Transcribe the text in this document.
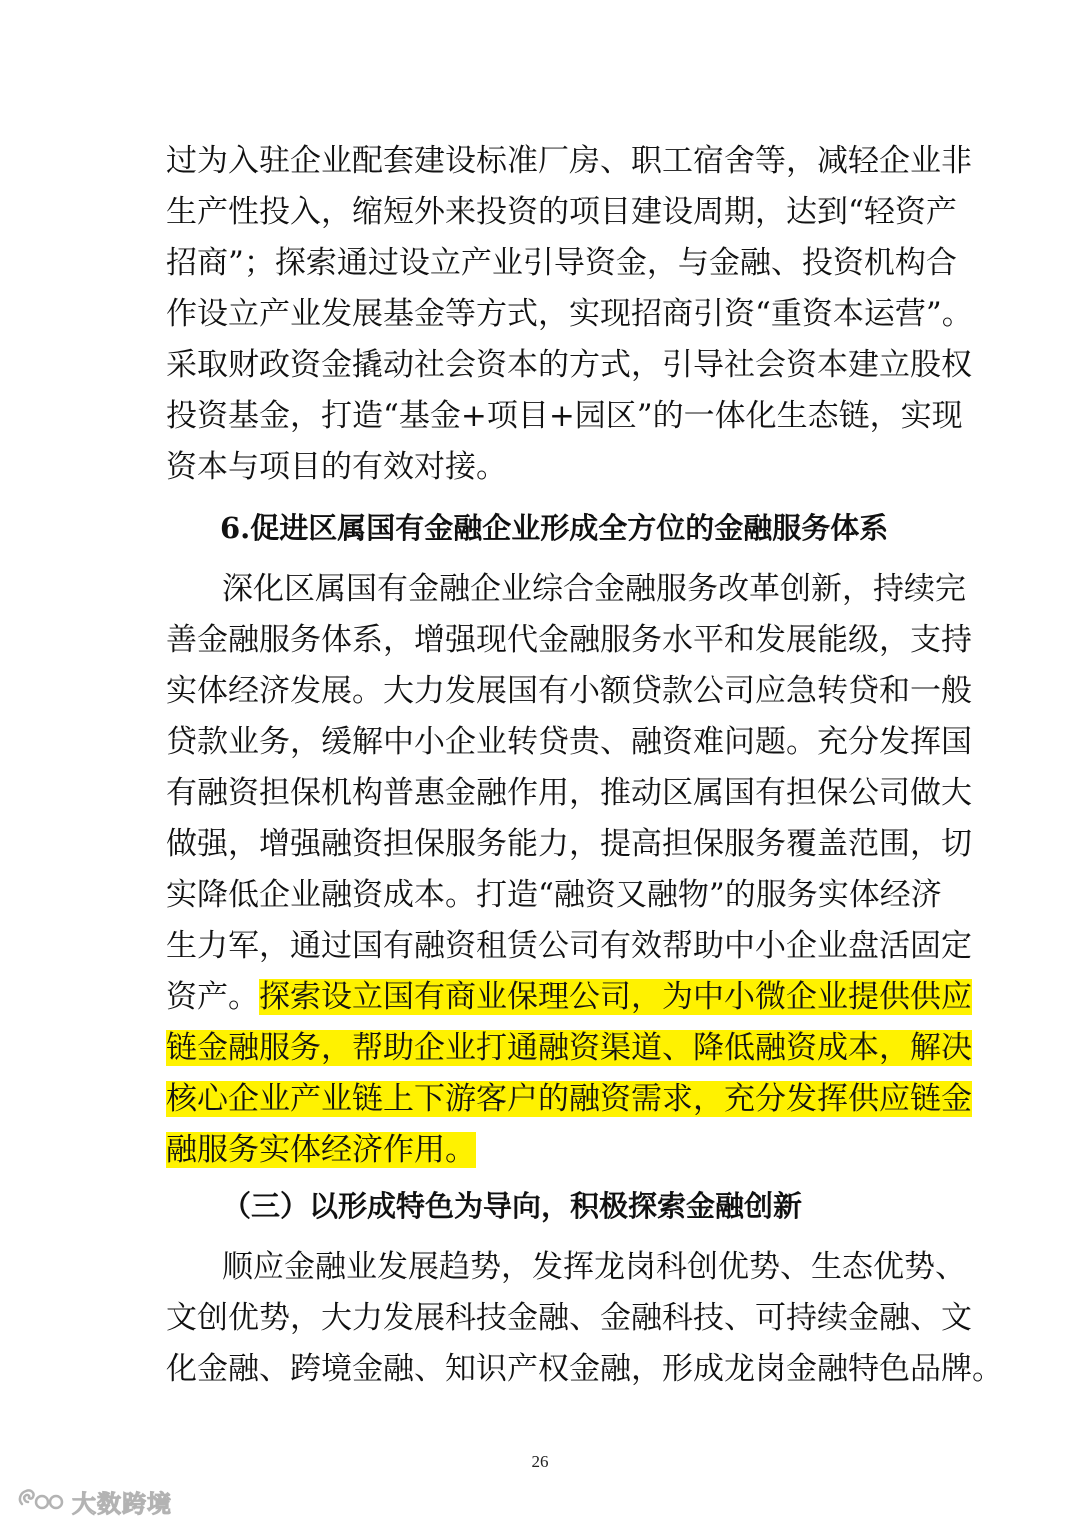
过为入驻企业配套建设标准厂房、职工宿舍等，减轻企业非
生产性投入，缩短外来投资的项目建设周期，达到“轻资产
招商”；探索通过设立产业引导资金，与金融、投资机构合
作设立产业发展基金等方式，实现招商引资“重资本运营”。
采取财政资金撬动社会资本的方式，引导社会资本建立股权
投资基金，打造“基金+项目+园区”的一体化生态链，实现
资本与项目的有效对接。
6.促进区属国有金融企业形成全方位的金融服务体系
深化区属国有金融企业综合金融服务改革创新，持续完
善金融服务体系，增强现代金融服务水平和发展能级，支持
实体经济发展。大力发展国有小额贷款公司应急转贷和一般
贷款业务，缓解中小企业转贷贵、融资难问题。充分发挥国
有融资担保机构普惠金融作用，推动区属国有担保公司做大
做强，增强融资担保服务能力，提高担保服务覆盖范围，切
实降低企业融资成本。打造“融资又融物”的服务实体经济
生力军，通过国有融资租赁公司有效帮助中小企业盘活固定
资产。探索设立国有商业保理公司，为中小微企业提供供应
链金融服务，帮助企业打通融资渠道、降低融资成本，解决
核心企业产业链上下游客户的融资需求，充分发挥供应链金
融服务实体经济作用。
（三）以形成特色为导向，积极探索金融创新
顺应金融业发展趋势，发挥龙岗科创优势、生态优势、
文创优势，大力发展科技金融、金融科技、可持续金融、文
化金融、跨境金融、知识产权金融，形成龙岗金融特色品牌。
26
大数跨境
